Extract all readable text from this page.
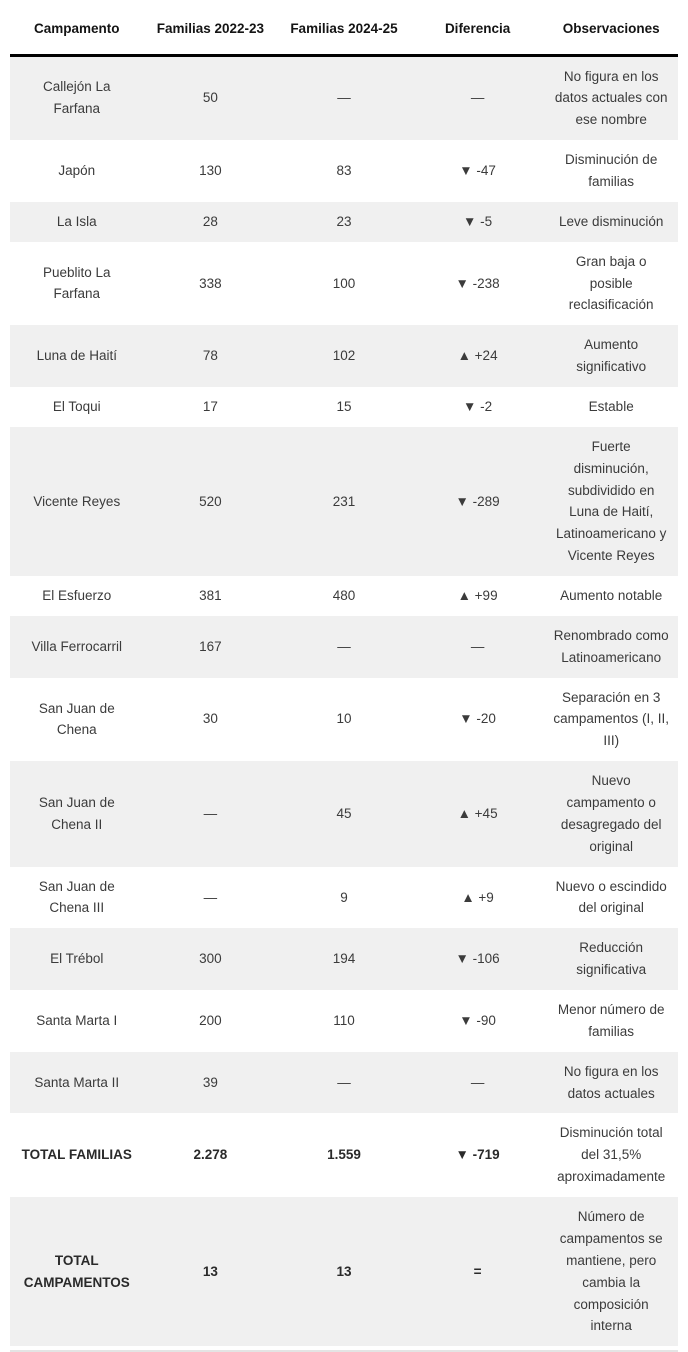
Campamento	Familias 2022-23	Familias 2024-25	Diferencia	Observaciones
Callejón La Farfana	50	—	—	No figura en los datos actuales con ese nombre
Japón	130	83	▼ -47	Disminución de familias
La Isla	28	23	▼ -5	Leve disminución
Pueblito La Farfana	338	100	▼ -238	Gran baja o posible reclasificación
Luna de Haití	78	102	▲ +24	Aumento significativo
El Toqui	17	15	▼ -2	Estable
Vicente Reyes	520	231	▼ -289	Fuerte disminución, subdividido en Luna de Haití, Latinoamericano y Vicente Reyes
El Esfuerzo	381	480	▲ +99	Aumento notable
Villa Ferrocarril	167	—	—	Renombrado como Latinoamericano
San Juan de Chena	30	10	▼ -20	Separación en 3 campamentos (I, II, III)
San Juan de Chena II	—	45	▲ +45	Nuevo campamento o desagregado del original
San Juan de Chena III	—	9	▲ +9	Nuevo o escindido del original
El Trébol	300	194	▼ -106	Reducción significativa
Santa Marta I	200	110	▼ -90	Menor número de familias
Santa Marta II	39	—	—	No figura en los datos actuales
TOTAL FAMILIAS	2.278	1.559	▼ -719	Disminución total del 31,5% aproximadamente
TOTAL CAMPAMENTOS	13	13	=	Número de campamentos se mantiene, pero cambia la composición interna
